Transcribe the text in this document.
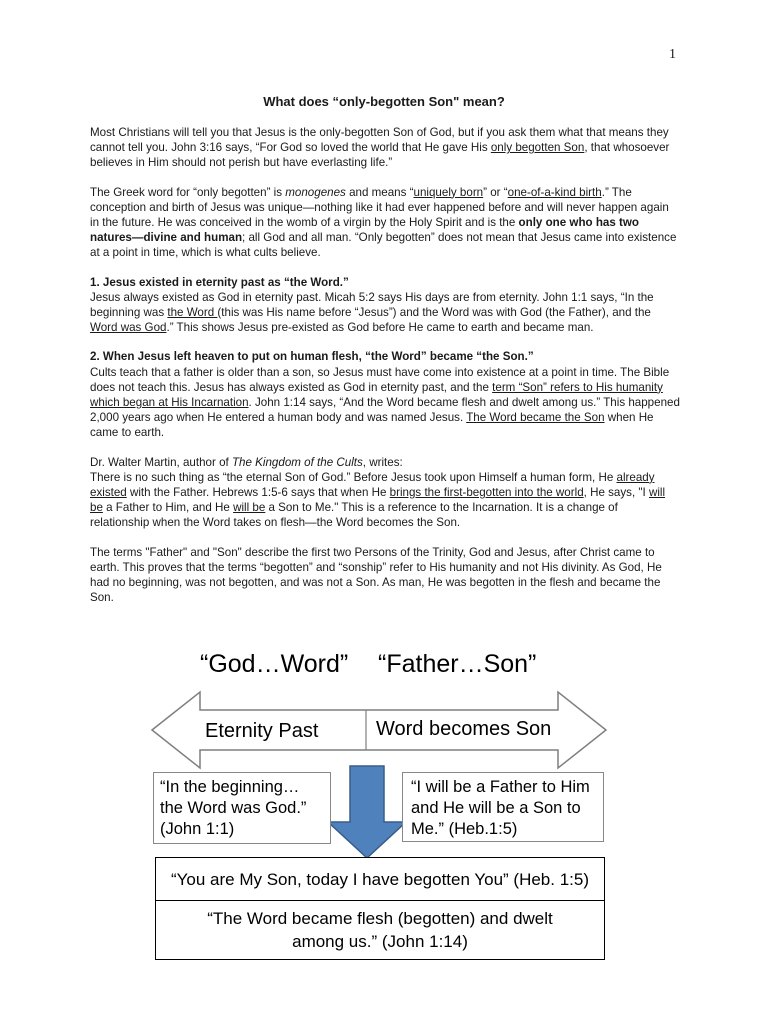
1
What does “only-begotten Son" mean?

Most Christians will tell you that Jesus is the only-begotten Son of God, but if you ask them what that means they cannot tell you. John 3:16 says, “For God so loved the world that He gave His only begotten Son, that whosoever believes in Him should not perish but have everlasting life.”

The Greek word for “only begotten” is monogenes and means “uniquely born” or “one-of-a-kind birth.” The conception and birth of Jesus was unique—nothing like it had ever happened before and will never happen again in the future. He was conceived in the womb of a virgin by the Holy Spirit and is the only one who has two natures—divine and human; all God and all man. “Only begotten” does not mean that Jesus came into existence at a point in time, which is what cults believe.

1. Jesus existed in eternity past as “the Word.”
Jesus always existed as God in eternity past. Micah 5:2 says His days are from eternity. John 1:1 says, “In the beginning was the Word (this was His name before “Jesus”) and the Word was with God (the Father), and the Word was God.” This shows Jesus pre-existed as God before He came to earth and became man.

2. When Jesus left heaven to put on human flesh, “the Word” became “the Son.”
Cults teach that a father is older than a son, so Jesus must have come into existence at a point in time. The Bible does not teach this. Jesus has always existed as God in eternity past, and the term “Son” refers to His humanity which began at His Incarnation. John 1:14 says, “And the Word became flesh and dwelt among us.” This happened 2,000 years ago when He entered a human body and was named Jesus. The Word became the Son when He came to earth.

Dr. Walter Martin, author of The Kingdom of the Cults, writes:
There is no such thing as “the eternal Son of God.” Before Jesus took upon Himself a human form, He already existed with the Father. Hebrews 1:5-6 says that when He brings the first-begotten into the world, He says, "I will be a Father to Him, and He will be a Son to Me." This is a reference to the Incarnation. It is a change of relationship when the Word takes on flesh—the Word becomes the Son.

The terms "Father" and "Son" describe the first two Persons of the Trinity, God and Jesus, after Christ came to earth. This proves that the terms “begotten” and “sonship” refer to His humanity and not His divinity. As God, He had no beginning, was not begotten, and was not a Son. As man, He was begotten in the flesh and became the Son.

“God…Word” “Father…Son”
Eternity Past	Word becomes Son
“In the beginning… the Word was God.” (John 1:1)
“I will be a Father to Him and He will be a Son to Me.” (Heb.1:5)
“You are My Son, today I have begotten You” (Heb. 1:5)
“The Word became flesh (begotten) and dwelt among us.” (John 1:14)
